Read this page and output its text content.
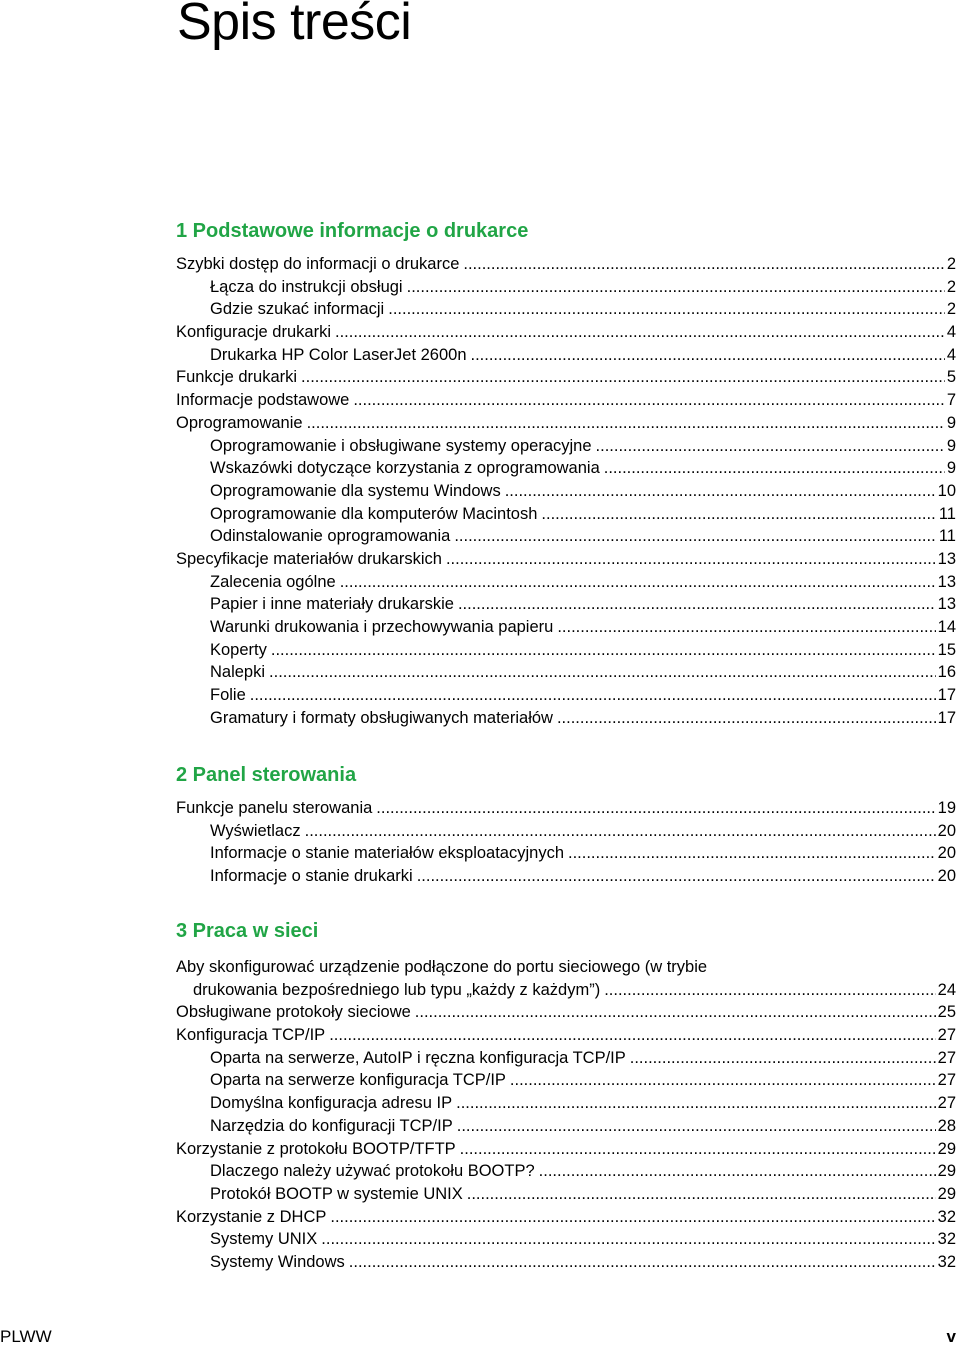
Spis treści
1 Podstawowe informacje o drukarce
Szybki dostęp do informacji o drukarce .....	2
Łącza do instrukcji obsługi .....	2
Gdzie szukać informacji .....	2
Konfiguracje drukarki .....	4
Drukarka HP Color LaserJet 2600n .....	4
Funkcje drukarki .....	5
Informacje podstawowe .....	7
Oprogramowanie .....	9
Oprogramowanie i obsługiwane systemy operacyjne .....	9
Wskazówki dotyczące korzystania z oprogramowania .....	9
Oprogramowanie dla systemu Windows .....	10
Oprogramowanie dla komputerów Macintosh .....	11
Odinstalowanie oprogramowania .....	11
Specyfikacje materiałów drukarskich .....	13
Zalecenia ogólne .....	13
Papier i inne materiały drukarskie .....	13
Warunki drukowania i przechowywania papieru .....	14
Koperty .....	15
Nalepki .....	16
Folie .....	17
Gramatury i formaty obsługiwanych materiałów .....	17
2 Panel sterowania
Funkcje panelu sterowania .....	19
Wyświetlacz .....	20
Informacje o stanie materiałów eksploatacyjnych .....	20
Informacje o stanie drukarki .....	20
3 Praca w sieci
Aby skonfigurować urządzenie podłączone do portu sieciowego (w trybie
drukowania bezpośredniego lub typu „każdy z każdym”) .....	24
Obsługiwane protokoły sieciowe .....	25
Konfiguracja TCP/IP .....	27
Oparta na serwerze, AutoIP i ręczna konfiguracja TCP/IP .....	27
Oparta na serwerze konfiguracja TCP/IP .....	27
Domyślna konfiguracja adresu IP .....	27
Narzędzia do konfiguracji TCP/IP .....	28
Korzystanie z protokołu BOOTP/TFTP .....	29
Dlaczego należy używać protokołu BOOTP? .....	29
Protokół BOOTP w systemie UNIX .....	29
Korzystanie z DHCP .....	32
Systemy UNIX .....	32
Systemy Windows .....	32
PLWW	v
